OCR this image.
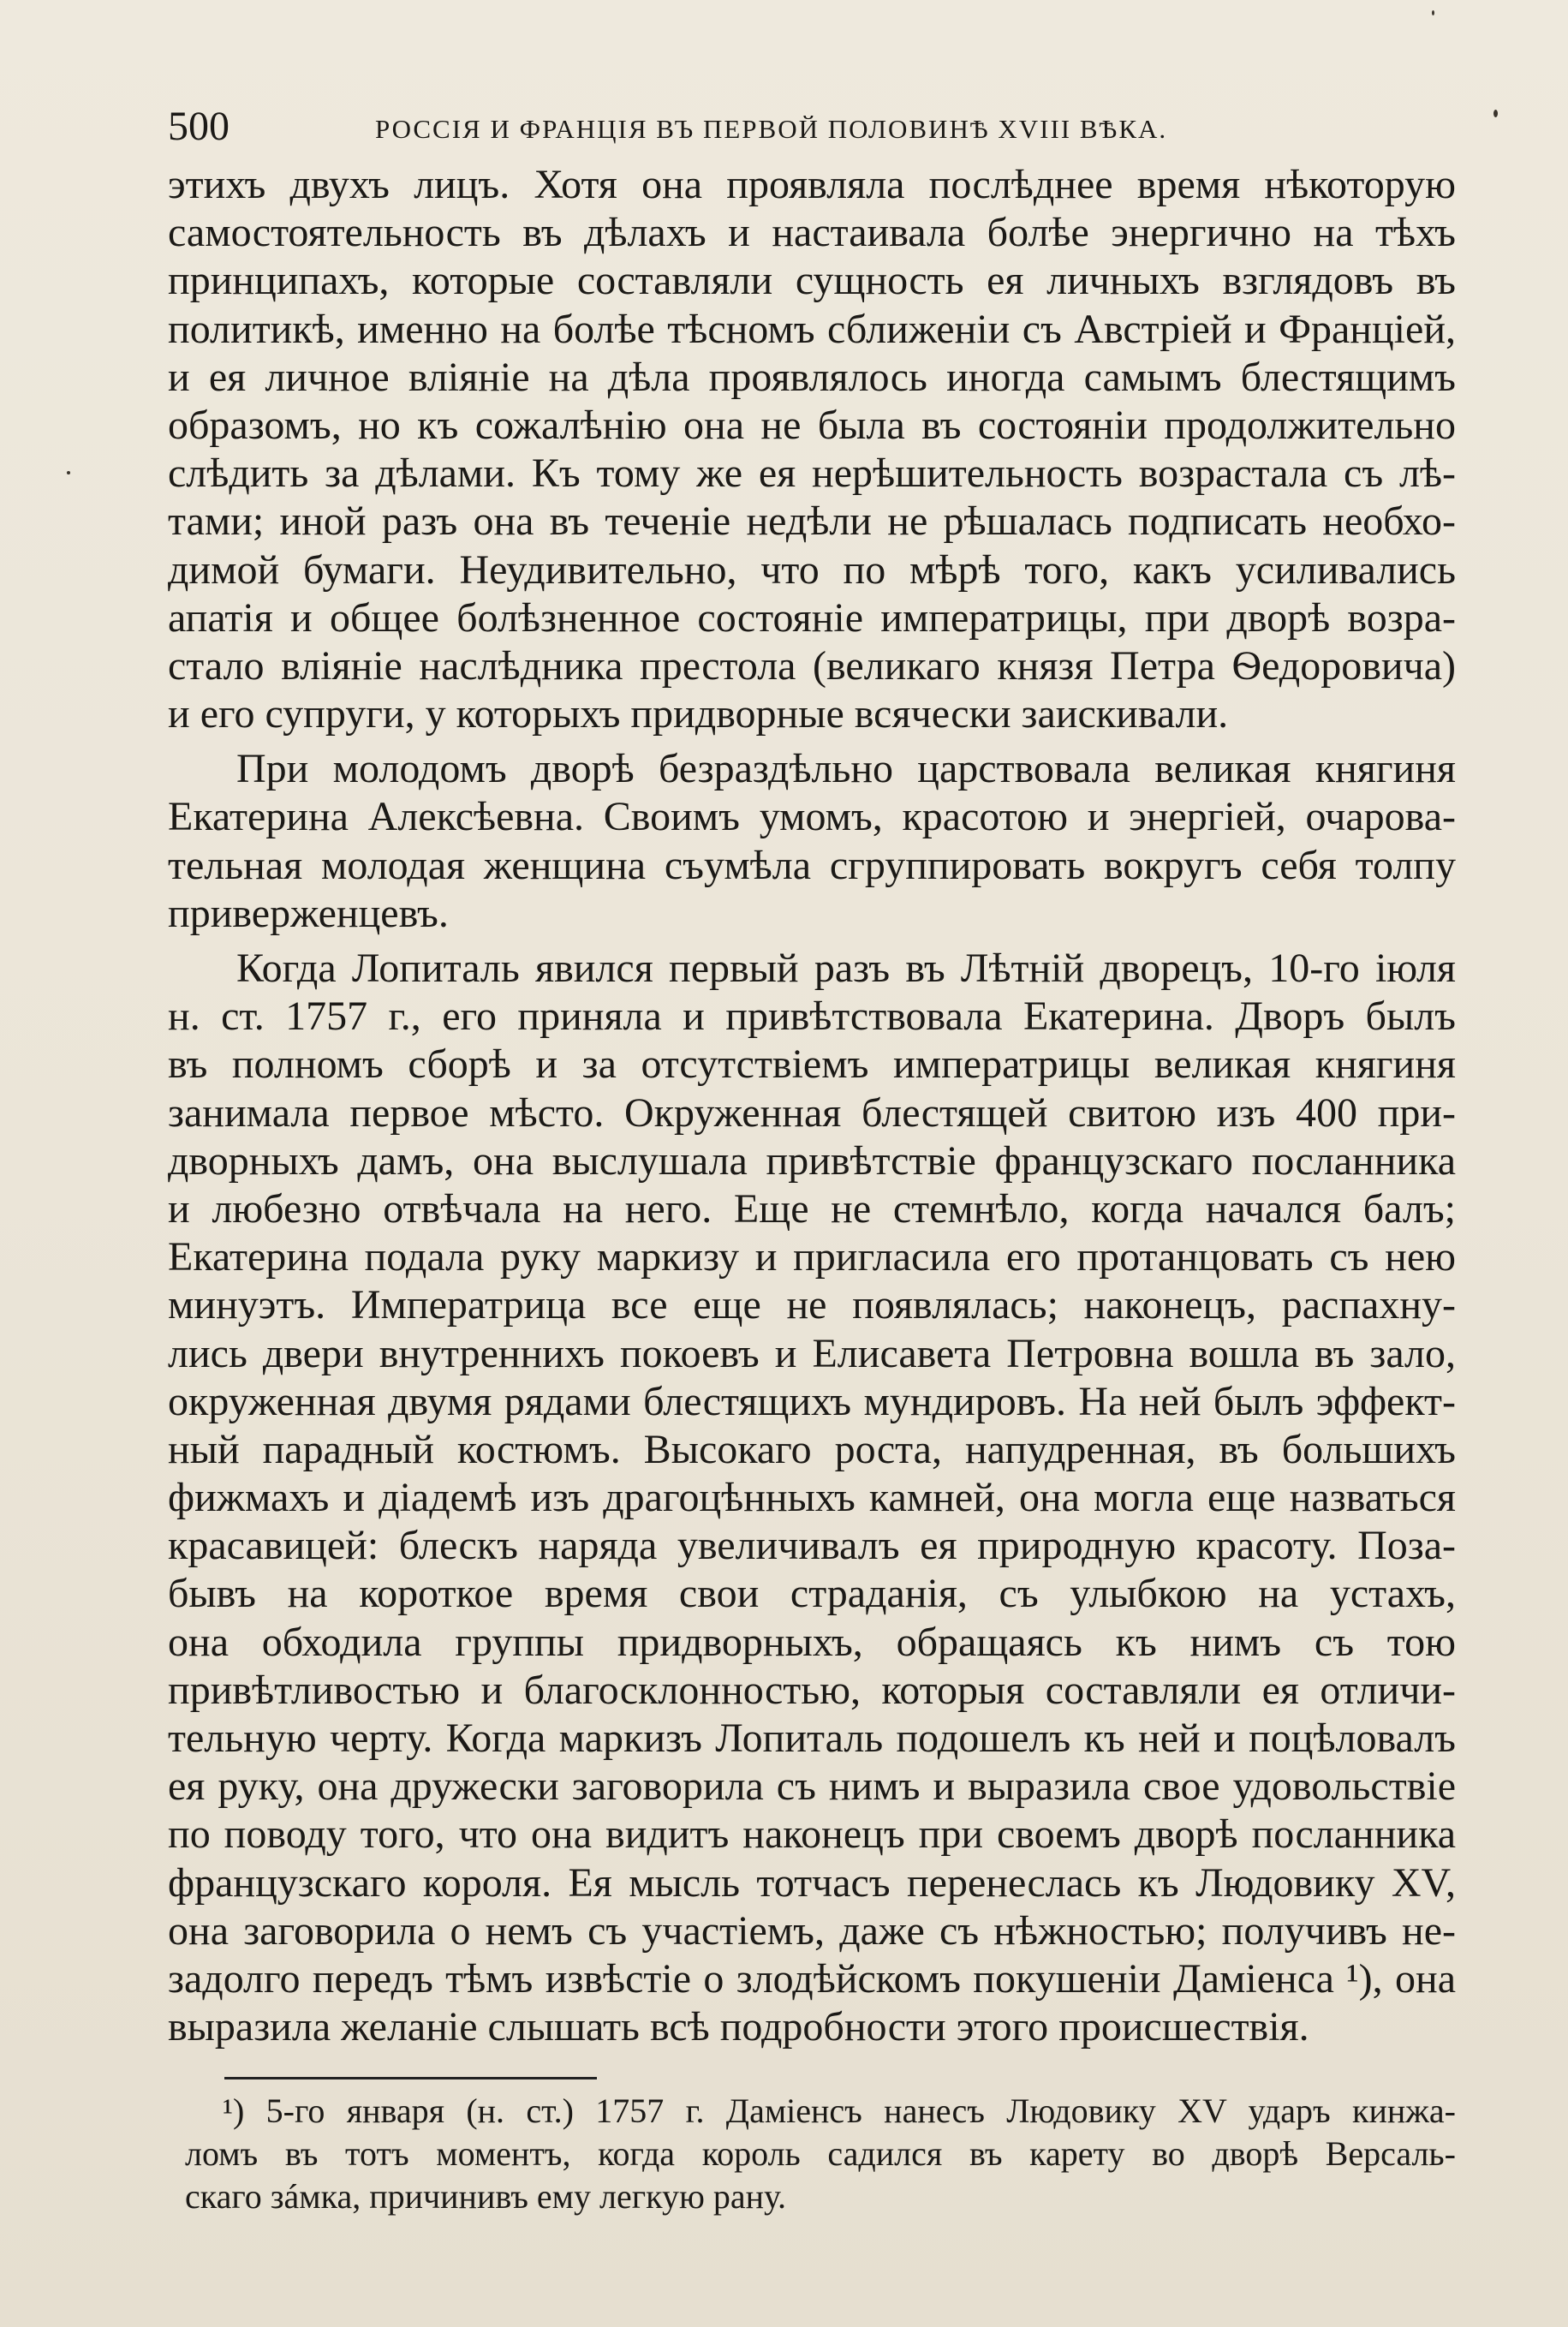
500	РОССІЯ И ФРАНЦІЯ ВЪ ПЕРВОЙ ПОЛОВИНѢ XVIII ВѢКА.
этихъ двухъ лицъ. Хотя она проявляла послѣднее время нѣкоторую
самостоятельность въ дѣлахъ и настаивала болѣе энергично на тѣхъ
принципахъ, которые составляли сущность ея личныхъ взглядовъ въ
политикѣ, именно на болѣе тѣсномъ сближеніи съ Австріей и Франціей,
и ея личное вліяніе на дѣла проявлялось иногда самымъ блестящимъ
образомъ, но къ сожалѣнію она не была въ состояніи продолжительно
слѣдить за дѣлами. Къ тому же ея нерѣшительность возрастала съ лѣ-
тами; иной разъ она въ теченіе недѣли не рѣшалась подписать необхо-
димой бумаги. Неудивительно, что по мѣрѣ того, какъ усиливались
апатія и общее болѣзненное состояніе императрицы, при дворѣ возра-
стало вліяніе наслѣдника престола (великаго князя Петра Ѳедоровича)
и его супруги, у которыхъ придворные всячески заискивали.
При молодомъ дворѣ безраздѣльно царствовала великая княгиня
Екатерина Алексѣевна. Своимъ умомъ, красотою и энергіей, очарова-
тельная молодая женщина съумѣла сгруппировать вокругъ себя толпу
приверженцевъ.
Когда Лопиталь явился первый разъ въ Лѣтній дворецъ, 10-го іюля
н. ст. 1757 г., его приняла и привѣтствовала Екатерина. Дворъ былъ
въ полномъ сборѣ и за отсутствіемъ императрицы великая княгиня
занимала первое мѣсто. Окруженная блестящей свитою изъ 400 при-
дворныхъ дамъ, она выслушала привѣтствіе французскаго посланника
и любезно отвѣчала на него. Еще не стемнѣло, когда начался балъ;
Екатерина подала руку маркизу и пригласила его протанцовать съ нею
минуэтъ. Императрица все еще не появлялась; наконецъ, распахну-
лись двери внутреннихъ покоевъ и Елисавета Петровна вошла въ зало,
окруженная двумя рядами блестящихъ мундировъ. На ней былъ эффект-
ный парадный костюмъ. Высокаго роста, напудренная, въ большихъ
фижмахъ и діадемѣ изъ драгоцѣнныхъ камней, она могла еще назваться
красавицей: блескъ наряда увеличивалъ ея природную красоту. Поза-
бывъ на короткое время свои страданія, съ улыбкою на устахъ,
она обходила группы придворныхъ, обращаясь къ нимъ съ тою
привѣтливостью и благосклонностью, которыя составляли ея отличи-
тельную черту. Когда маркизъ Лопиталь подошелъ къ ней и поцѣловалъ
ея руку, она дружески заговорила съ нимъ и выразила свое удовольствіе
по поводу того, что она видитъ наконецъ при своемъ дворѣ посланника
французскаго короля. Ея мысль тотчасъ перенеслась къ Людовику XV,
она заговорила о немъ съ участіемъ, даже съ нѣжностью; получивъ не-
задолго передъ тѣмъ извѣстіе о злодѣйскомъ покушеніи Даміенса ¹), она
выразила желаніе слышать всѣ подробности этого происшествія.
¹) 5-го января (н. ст.) 1757 г. Даміенсъ нанесъ Людовику XV ударъ кинжа-
ломъ въ тотъ моментъ, когда король садился въ карету во дворѣ Версаль-
скаго зáмка, причинивъ ему легкую рану.
